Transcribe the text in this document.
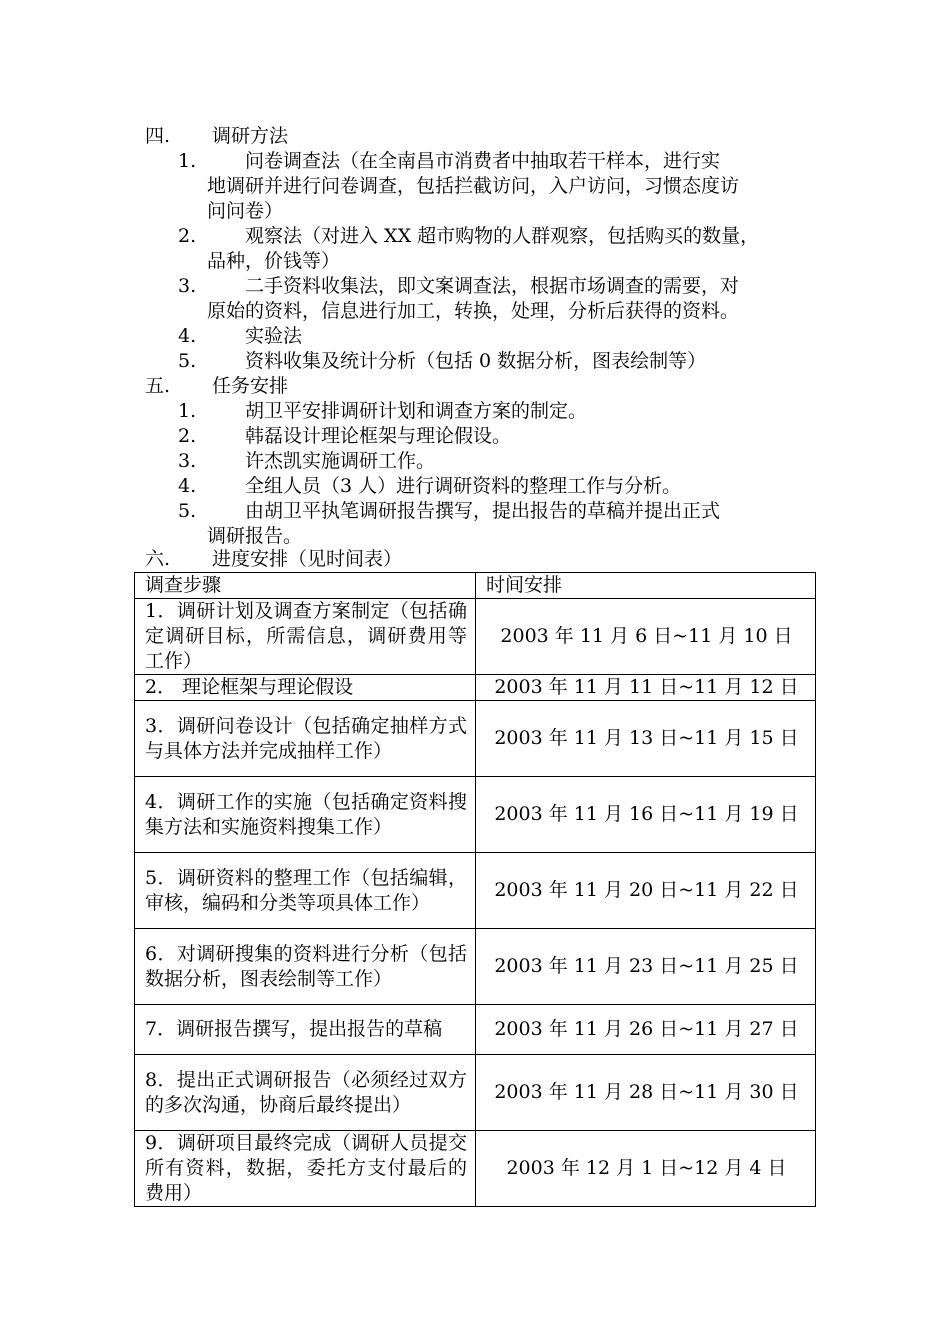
四. 调研方法
1.	问卷调查法（在全南昌市消费者中抽取若干样本，进行实
地调研并进行问卷调查，包括拦截访问，入户访问，习惯态度访
问问卷）
2.	观察法（对进入 XX 超市购物的人群观察，包括购买的数量，
品种，价钱等）
3.	二手资料收集法，即文案调查法，根据市场调查的需要，对
原始的资料，信息进行加工，转换，处理，分析后获得的资料。
4.	实验法
5.	资料收集及统计分析（包括 0 数据分析，图表绘制等）
五. 任务安排
1.	胡卫平安排调研计划和调查方案的制定。
2.	韩磊设计理论框架与理论假设。
3.	许杰凯实施调研工作。
4.	全组人员（3 人）进行调研资料的整理工作与分析。
5.	由胡卫平执笔调研报告撰写，提出报告的草稿并提出正式
调研报告。
六. 进度安排（见时间表）
调查步骤	时间安排
1．调研计划及调查方案制定（包括确定调研目标，所需信息，调研费用等工作）	2003 年 11 月 6 日~11 月 10 日
2． 理论框架与理论假设	2003 年 11 月 11 日~11 月 12 日
3．调研问卷设计（包括确定抽样方式与具体方法并完成抽样工作）	2003 年 11 月 13 日~11 月 15 日
4．调研工作的实施（包括确定资料搜集方法和实施资料搜集工作）	2003 年 11 月 16 日~11 月 19 日
5．调研资料的整理工作（包括编辑，审核，编码和分类等项具体工作）	2003 年 11 月 20 日~11 月 22 日
6．对调研搜集的资料进行分析（包括数据分析，图表绘制等工作）	2003 年 11 月 23 日~11 月 25 日
7．调研报告撰写，提出报告的草稿	2003 年 11 月 26 日~11 月 27 日
8．提出正式调研报告（必须经过双方的多次沟通，协商后最终提出）	2003 年 11 月 28 日~11 月 30 日
9．调研项目最终完成（调研人员提交所有资料，数据，委托方支付最后的费用）	2003 年 12 月 1 日~12 月 4 日
